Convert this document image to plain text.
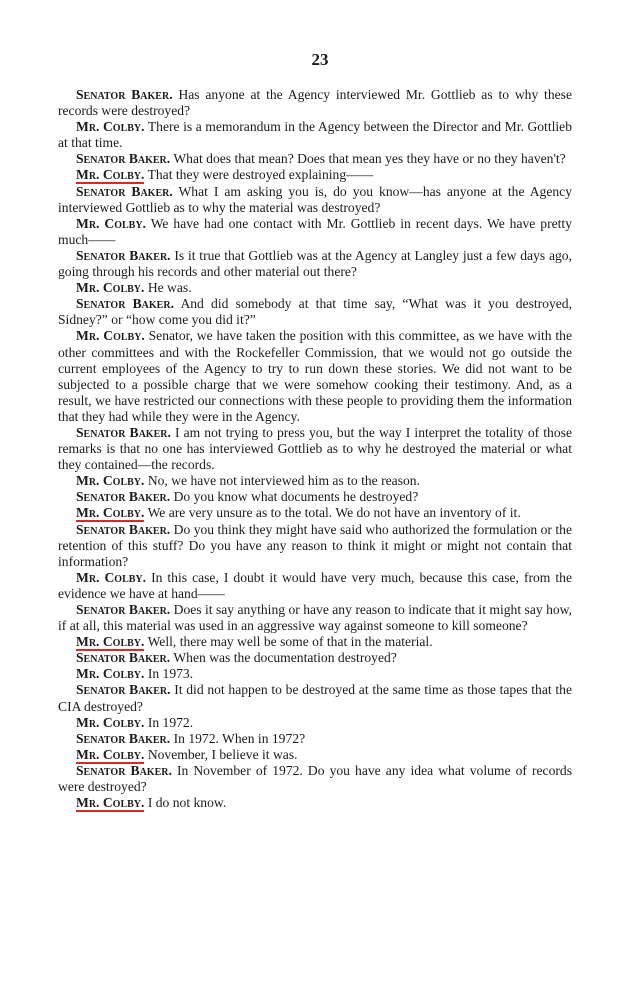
23

Senator Baker. Has anyone at the Agency interviewed Mr. Gottlieb as to why these records were destroyed?

Mr. Colby. There is a memorandum in the Agency between the Director and Mr. Gottlieb at that time.

Senator Baker. What does that mean? Does that mean yes they have or no they haven't?

Mr. Colby. That they were destroyed explaining——

Senator Baker. What I am asking you is, do you know—has anyone at the Agency interviewed Gottlieb as to why the material was destroyed?

Mr. Colby. We have had one contact with Mr. Gottlieb in recent days. We have pretty much——

Senator Baker. Is it true that Gottlieb was at the Agency at Langley just a few days ago, going through his records and other material out there?

Mr. Colby. He was.

Senator Baker. And did somebody at that time say, “What was it you destroyed, Sidney?” or “how come you did it?”

Mr. Colby. Senator, we have taken the position with this committee, as we have with the other committees and with the Rockefeller Commission, that we would not go outside the current employees of the Agency to try to run down these stories. We did not want to be subjected to a possible charge that we were somehow cooking their testimony. And, as a result, we have restricted our connections with these people to providing them the information that they had while they were in the Agency.

Senator Baker. I am not trying to press you, but the way I interpret the totality of those remarks is that no one has interviewed Gottlieb as to why he destroyed the material or what they contained—the records.

Mr. Colby. No, we have not interviewed him as to the reason.

Senator Baker. Do you know what documents he destroyed?

Mr. Colby. We are very unsure as to the total. We do not have an inventory of it.

Senator Baker. Do you think they might have said who authorized the formulation or the retention of this stuff? Do you have any reason to think it might or might not contain that information?

Mr. Colby. In this case, I doubt it would have very much, because this case, from the evidence we have at hand——

Senator Baker. Does it say anything or have any reason to indicate that it might say how, if at all, this material was used in an aggressive way against someone to kill someone?

Mr. Colby. Well, there may well be some of that in the material.

Senator Baker. When was the documentation destroyed?

Mr. Colby. In 1973.

Senator Baker. It did not happen to be destroyed at the same time as those tapes that the CIA destroyed?

Mr. Colby. In 1972.

Senator Baker. In 1972. When in 1972?

Mr. Colby. November, I believe it was.

Senator Baker. In November of 1972. Do you have any idea what volume of records were destroyed?

Mr. Colby. I do not know.
